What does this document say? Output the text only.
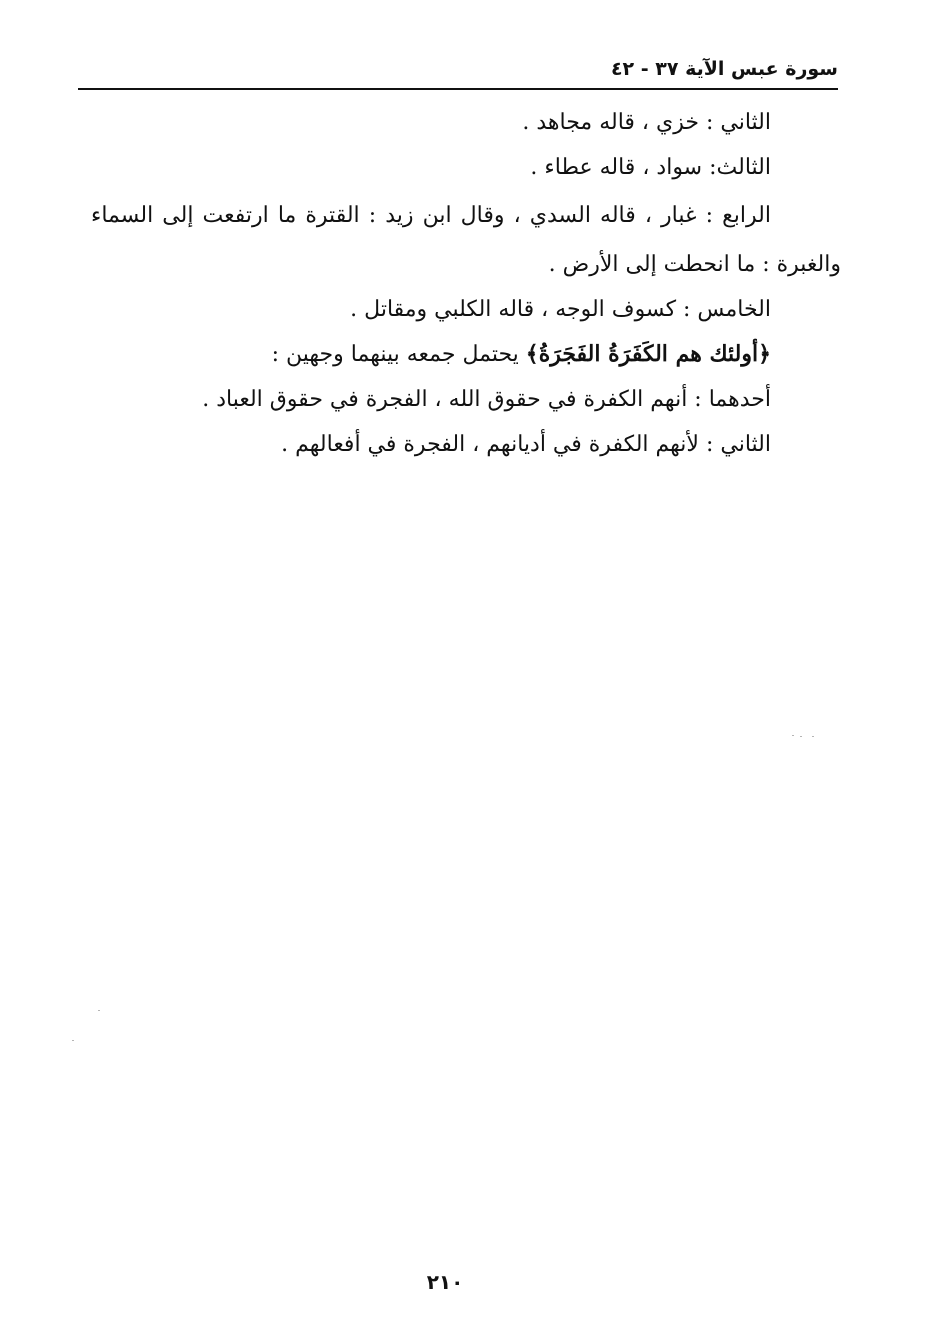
سورة عبس الآية ٣٧ - ٤٢
الثاني : خزي ، قاله مجاهد .
الثالث: سواد ، قاله عطاء .
الرابع : غبار ، قاله السدي ، وقال ابن زيد : القترة ما ارتفعت إلى السماء
والغبرة : ما انحطت إلى الأرض .
الخامس : كسوف الوجه ، قاله الكلبي ومقاتل .
﴿أولئك هم الكَفَرَةُ الفَجَرَةُ﴾ يحتمل جمعه بينهما وجهين :
أحدهما : أنهم الكفرة في حقوق الله ، الفجرة في حقوق العباد .
الثاني : لأنهم الكفرة في أديانهم ، الفجرة في أفعالهم .
٢١٠
